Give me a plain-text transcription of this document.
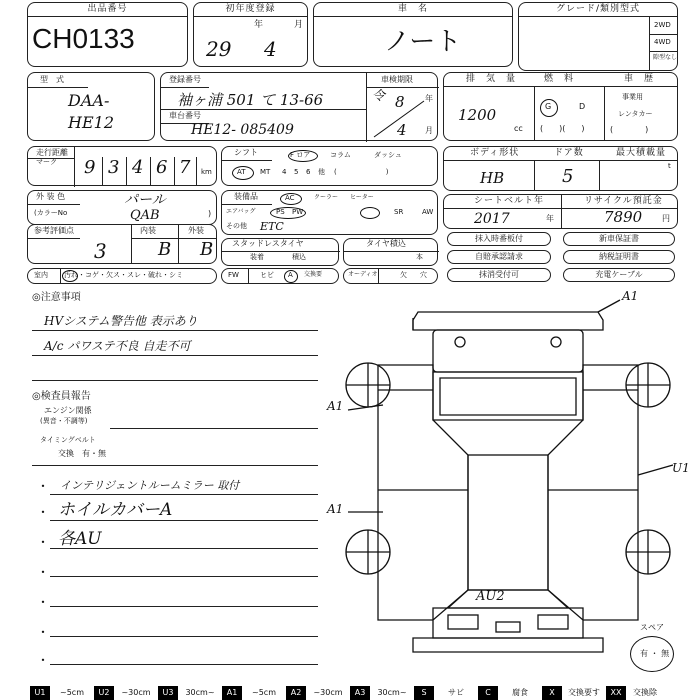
出品番号
CH0133
初年度登録
年	月
29 4
車　名
ノート
グレード/類別型式
2WD
4WD
隙型なし
型　式
DAA-
HE12
登録番号
袖ヶ浦 501 て 13-66
車台番号
HE12- 085409
車検期限
令 8	年
4 月
排　気　量	燃　料	車　歴
1200
cc
G	D
(　　)(　　)
事業用
レンタカー
(　　　　)
走行距離
マーク 9 3 4 6 7 km
シフト	F ロア	コラム	ダッシュ
AT MT 4 5 6 他 (　　　　　　　)
ボディ形状	ドア数	最大積載量
HB	5	t
外 装 色
(カラーNo
パール
QAB	)
装備品	AC	クーラー ヒーター
エアバッグ	PS PW	SR	AW
その他 ETC
シートベルト年	リサイクル預託金
2017	年	7890 円
参考評価点	内装	外装
3	B B
室内 汚れ・コゲ・欠ス・スレ・破れ・シミ
スタッドレスタイヤ
装着	積込
タイヤ積込
本
FW	ヒビ A 交換要	オーディオ	欠 穴
抹入時番板付
自賠承認請求
抹消受付可
新車保証書
納税証明書
充電ケーブル
◎注意事項
HVシステム警告他 表示あり
A/c パワステ不良 自走不可
◎検査員報告
エンジン関係
(異音・不調等)
タイミングベルト
交換　有・無
•	インテリジェントルームミラー 取付
• ホイルカバーA
• 各AU
•
•
•
•
A1
A1
A1
U1
AU2
スペア
有 ・ 無
U1	~5cm	U2	~30cm	U3	30cm~	A1	~5cm	A2	~30cm	A3	30cm~	S	サビ	C	腐食	X	交換要す	XX	交換除
